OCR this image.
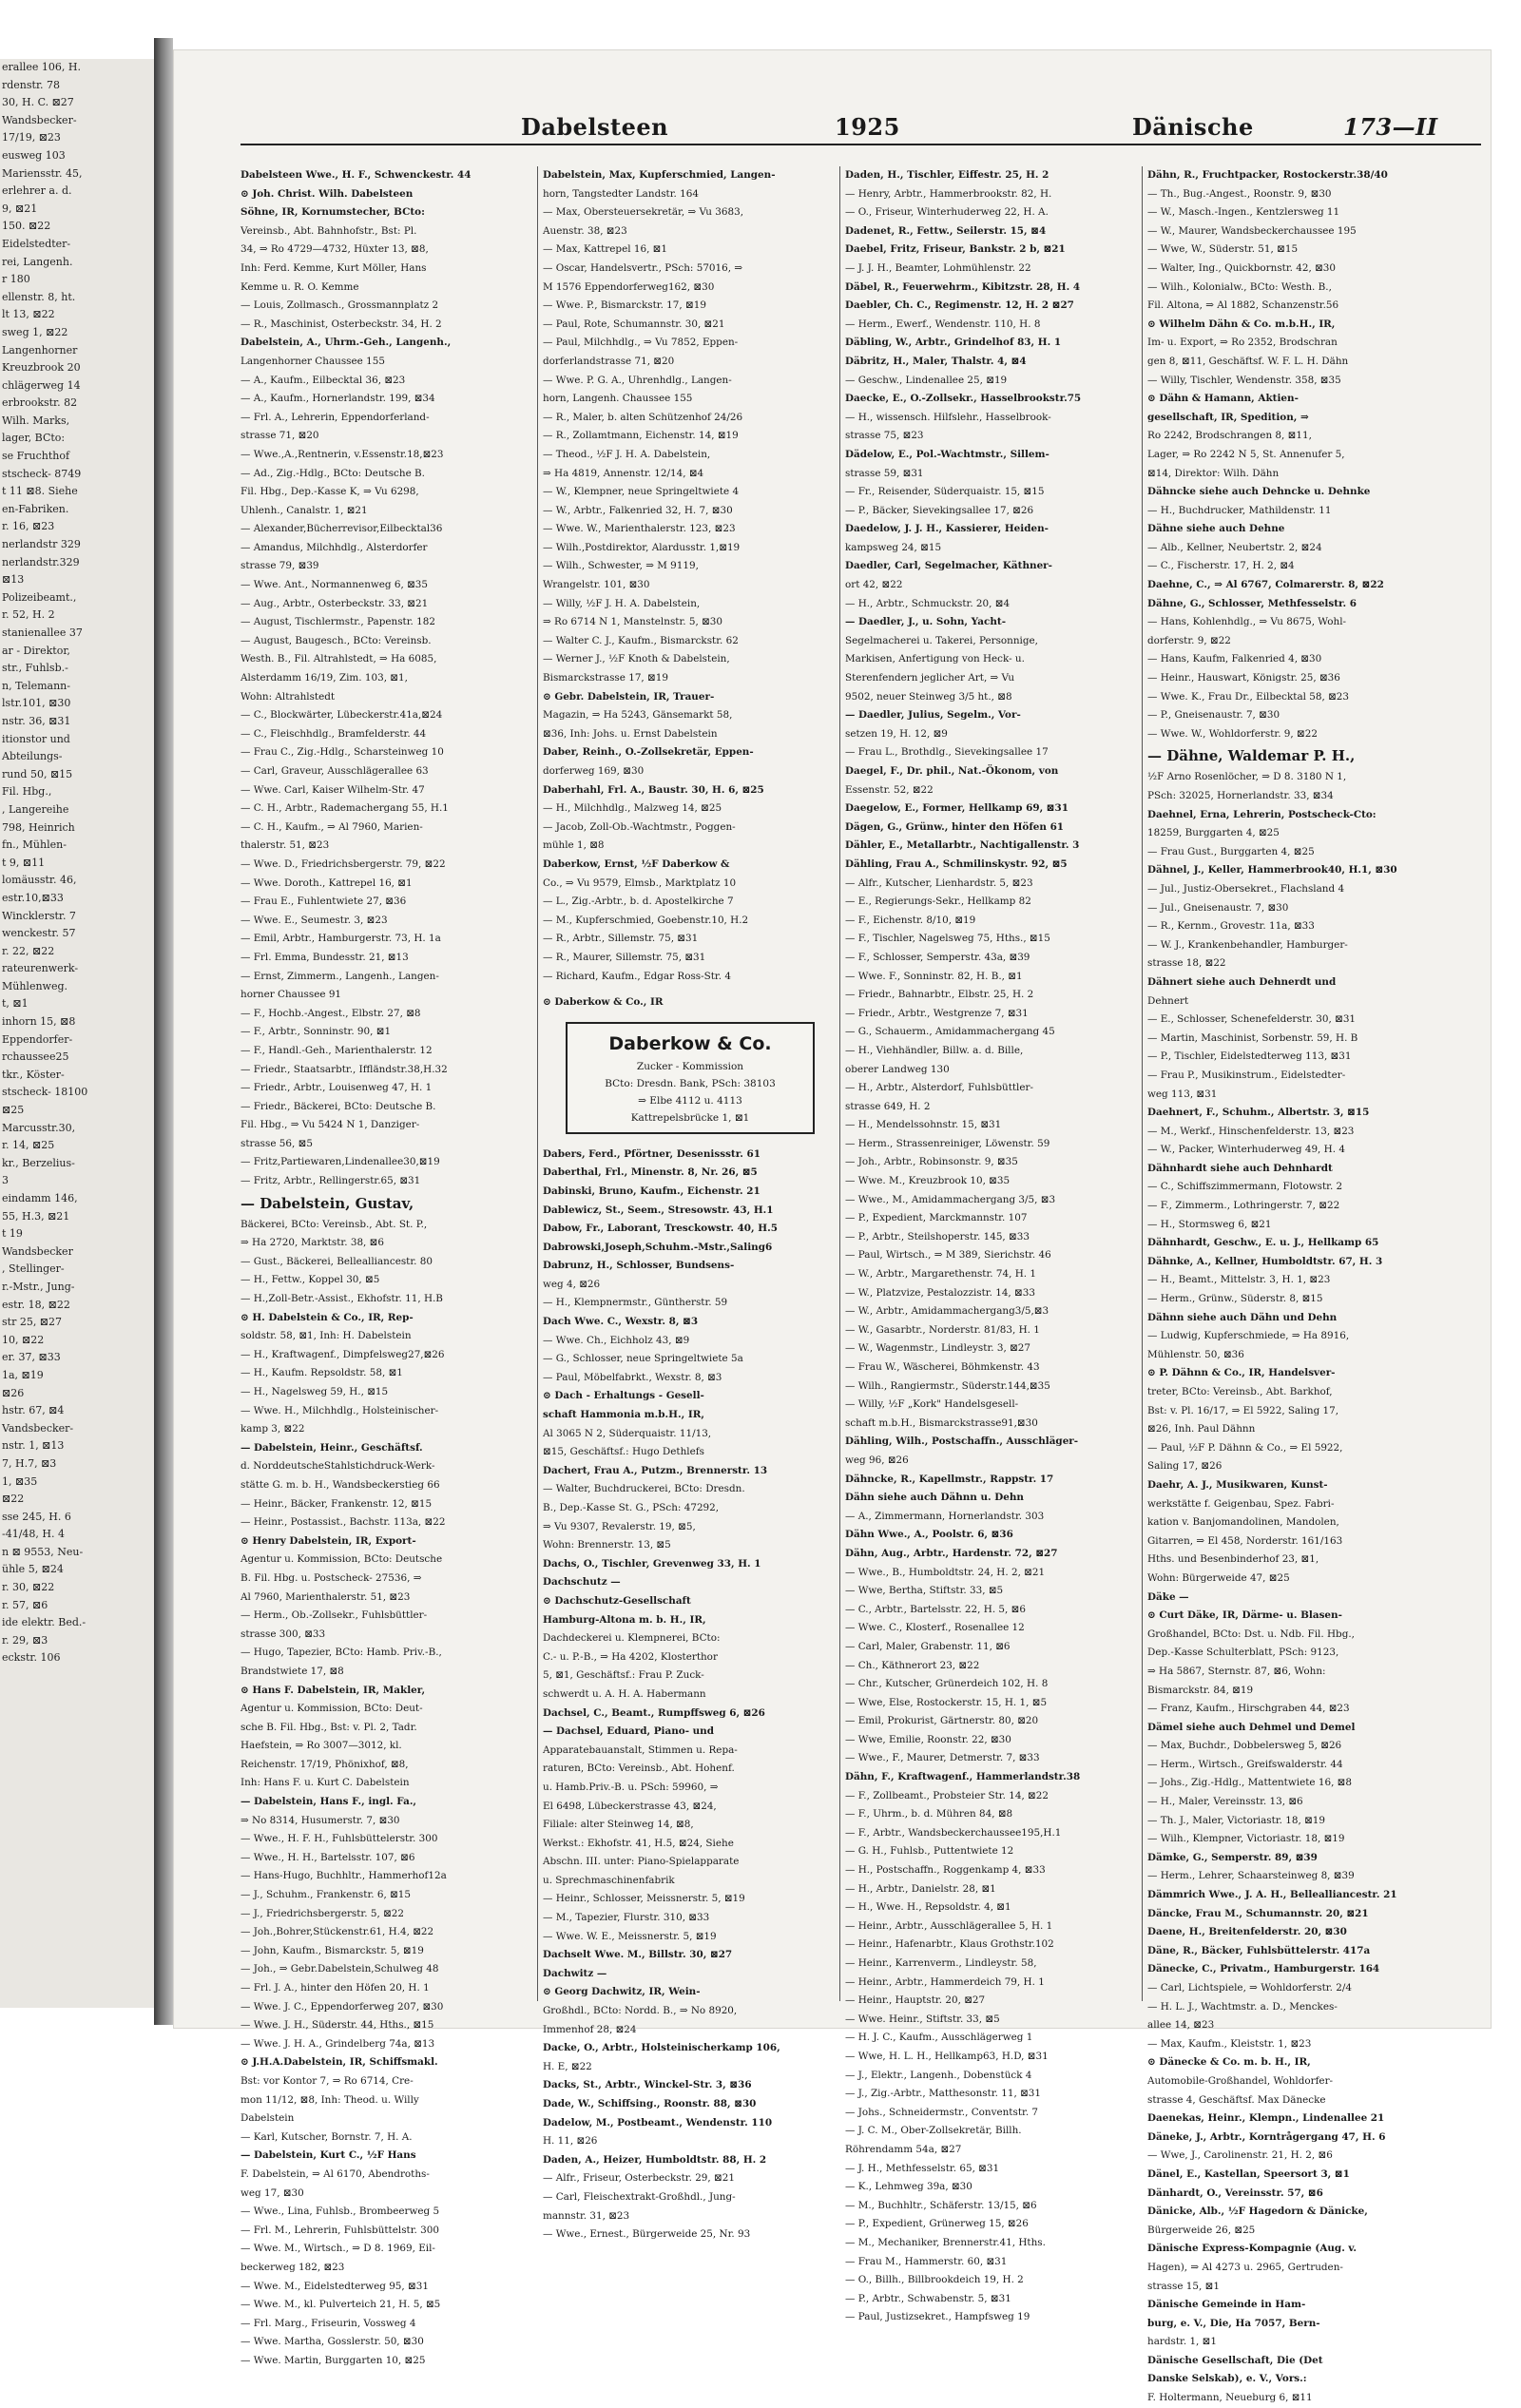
erallee 106, H.
rdenstr. 78
30, H. C. ⊠27
Wandsbecker-
17/19, ⊠23
eusweg 103
Mariensstr. 45,
erlehrer a. d.
9, ⊠21
150. ⊠22
Eidelstedter-
rei, Langenh.
r 180
ellenstr. 8, ht.
lt 13, ⊠22
sweg 1, ⊠22
Langenhorner
Kreuzbrook 20
chlägerweg 14
erbrookstr. 82
Wilh. Marks,
lager, BCto:
se Fruchthof
stscheck- 8749
t 11 ⊠8. Siehe
en-Fabriken.
r. 16, ⊠23
nerlandstr 329
nerlandstr.329
⊠13
Polizeibeamt.,
r. 52, H. 2
stanienallee 37
ar - Direktor,
str., Fuhlsb.-
n, Telemann-
lstr.101, ⊠30
nstr. 36, ⊠31
itionstor und
Abteilungs-
rund 50, ⊠15
Fil. Hbg.,
, Langereihe
798, Heinrich
fn., Mühlen-
t 9, ⊠11
lomäusstr. 46,
estr.10,⊠33
Wincklerstr. 7
wenckestr. 57
r. 22, ⊠22
rateurenwerk-
Mühlenweg.
t, ⊠1
inhorn 15, ⊠8
Eppendorfer-
rchaussee25
tkr., Köster-
stscheck- 18100
⊠25
Marcusstr.30,
r. 14, ⊠25
kr., Berzelius-
3
eindamm 146,
55, H.3, ⊠21
t 19
Wandsbecker
, Stellinger-
r.-Mstr., Jung-
estr. 18, ⊠22
str 25, ⊠27
10, ⊠22
er. 37, ⊠33
1a, ⊠19
⊠26
hstr. 67, ⊠4
Vandsbecker-
nstr. 1, ⊠13
7, H.7, ⊠3
1, ⊠35
⊠22
sse 245, H. 6
-41/48, H. 4
n ⊠ 9553, Neu-
ühle 5, ⊠24
r. 30, ⊠22
r. 57, ⊠6
ide elektr. Bed.-
r. 29, ⊠3
eckstr. 106
Dabelsteen	1925	Dänische	173—II
Dabelsteen Wwe., H. F., Schwenckestr. 44
⊙ Joh. Christ. Wilh. Dabelsteen
Söhne, IR, Kornumstecher, BCto:
Vereinsb., Abt. Bahnhofstr., Bst: Pl.
34, ⇒ Ro 4729—4732, Hüxter 13, ⊠8,
Inh: Ferd. Kemme, Kurt Möller, Hans
Kemme u. R. O. Kemme
— Louis, Zollmasch., Grossmannplatz 2
— R., Maschinist, Osterbeckstr. 34, H. 2
Dabelstein, A., Uhrm.-Geh., Langenh.,
Langenhorner Chaussee 155
— A., Kaufm., Eilbecktal 36, ⊠23
— A., Kaufm., Hornerlandstr. 199, ⊠34
— Frl. A., Lehrerin, Eppendorferland-
strasse 71, ⊠20
— Wwe.,A.,Rentnerin, v.Essenstr.18,⊠23
— Ad., Zig.-Hdlg., BCto: Deutsche B.
Fil. Hbg., Dep.-Kasse K, ⇒ Vu 6298,
Uhlenh., Canalstr. 1, ⊠21
— Alexander,Bücherrevisor,Eilbecktal36
— Amandus, Milchhdlg., Alsterdorfer
strasse 79, ⊠39
— Wwe. Ant., Normannenweg 6, ⊠35
— Aug., Arbtr., Osterbeckstr. 33, ⊠21
— August, Tischlermstr., Papenstr. 182
— August, Baugesch., BCto: Vereinsb.
Westh. B., Fil. Altrahlstedt, ⇒ Ha 6085,
Alsterdamm 16/19, Zim. 103, ⊠1,
Wohn: Altrahlstedt
— C., Blockwärter, Lübeckerstr.41a,⊠24
— C., Fleischhdlg., Bramfelderstr. 44
— Frau C., Zig.-Hdlg., Scharsteinweg 10
— Carl, Graveur, Ausschlägerallee 63
— Wwe. Carl, Kaiser Wilhelm-Str. 47
— C. H., Arbtr., Rademachergang 55, H.1
— C. H., Kaufm., ⇒ Al 7960, Marien-
thalerstr. 51, ⊠23
— Wwe. D., Friedrichsbergerstr. 79, ⊠22
— Wwe. Doroth., Kattrepel 16, ⊠1
— Frau E., Fuhlentwiete 27, ⊠36
— Wwe. E., Seumestr. 3, ⊠23
— Emil, Arbtr., Hamburgerstr. 73, H. 1a
— Frl. Emma, Bundesstr. 21, ⊠13
— Ernst, Zimmerm., Langenh., Langen-
horner Chaussee 91
— F., Hochb.-Angest., Elbstr. 27, ⊠8
— F., Arbtr., Sonninstr. 90, ⊠1
— F., Handl.-Geh., Marienthalerstr. 12
— Friedr., Staatsarbtr., Iffländstr.38,H.32
— Friedr., Arbtr., Louisenweg 47, H. 1
— Friedr., Bäckerei, BCto: Deutsche B.
Fil. Hbg., ⇒ Vu 5424 N 1, Danziger-
strasse 56, ⊠5
— Fritz,Partiewaren,Lindenallee30,⊠19
— Fritz, Arbtr., Rellingerstr.65, ⊠31
— Dabelstein, Gustav,
Bäckerei, BCto: Vereinsb., Abt. St. P.,
⇒ Ha 2720, Marktstr. 38, ⊠6
— Gust., Bäckerei, Bellealliancestr. 80
— H., Fettw., Koppel 30, ⊠5
— H.,Zoll-Betr.-Assist., Ekhofstr. 11, H.B
⊙ H. Dabelstein & Co., IR, Rep-
soldstr. 58, ⊠1, Inh: H. Dabelstein
— H., Kraftwagenf., Dimpfelsweg27,⊠26
— H., Kaufm. Repsoldstr. 58, ⊠1
— H., Nagelsweg 59, H., ⊠15
— Wwe. H., Milchhdlg., Holsteinischer-
kamp 3, ⊠22
— Dabelstein, Heinr., Geschäftsf.
d. NorddeutscheStahlstichdruck-Werk-
stätte G. m. b. H., Wandsbeckerstieg 66
— Heinr., Bäcker, Frankenstr. 12, ⊠15
— Heinr., Postassist., Bachstr. 113a, ⊠22
⊙ Henry Dabelstein, IR, Export-
Agentur u. Kommission, BCto: Deutsche
B. Fil. Hbg. u. Postscheck- 27536, ⇒
Al 7960, Marienthalerstr. 51, ⊠23
— Herm., Ob.-Zollsekr., Fuhlsbüttler-
strasse 300, ⊠33
— Hugo, Tapezier, BCto: Hamb. Priv.-B.,
Brandstwiete 17, ⊠8
⊙ Hans F. Dabelstein, IR, Makler,
Agentur u. Kommission, BCto: Deut-
sche B. Fil. Hbg., Bst: v. Pl. 2, Tadr.
Haefstein, ⇒ Ro 3007—3012, kl.
Reichenstr. 17/19, Phönixhof, ⊠8,
Inh: Hans F. u. Kurt C. Dabelstein
— Dabelstein, Hans F., ingl. Fa.,
⇒ No 8314, Husumerstr. 7, ⊠30
— Wwe., H. F. H., Fuhlsbüttelerstr. 300
— Wwe., H. H., Bartelsstr. 107, ⊠6
— Hans-Hugo, Buchhltr., Hammerhof12a
— J., Schuhm., Frankenstr. 6, ⊠15
— J., Friedrichsbergerstr. 5, ⊠22
— Joh.,Bohrer,Stückenstr.61, H.4, ⊠22
— John, Kaufm., Bismarckstr. 5, ⊠19
— Joh., ⇒ Gebr.Dabelstein,Schulweg 48
— Frl. J. A., hinter den Höfen 20, H. 1
— Wwe. J. C., Eppendorferweg 207, ⊠30
— Wwe. J. H., Süderstr. 44, Hths., ⊠15
— Wwe. J. H. A., Grindelberg 74a, ⊠13
⊙ J.H.A.Dabelstein, IR, Schiffsmakl.
Bst: vor Kontor 7, ⇒ Ro 6714, Cre-
mon 11/12, ⊠8, Inh: Theod. u. Willy
Dabelstein
— Karl, Kutscher, Bornstr. 7, H. A.
— Dabelstein, Kurt C., ½F Hans
F. Dabelstein, ⇒ Al 6170, Abendroths-
weg 17, ⊠30
— Wwe., Lina, Fuhlsb., Brombeerweg 5
— Frl. M., Lehrerin, Fuhlsbüttelstr. 300
— Wwe. M., Wirtsch., ⇒ D 8. 1969, Eil-
beckerweg 182, ⊠23
— Wwe. M., Eidelstedterweg 95, ⊠31
— Wwe. M., kl. Pulverteich 21, H. 5, ⊠5
— Frl. Marg., Friseurin, Vossweg 4
— Wwe. Martha, Gosslerstr. 50, ⊠30
— Wwe. Martin, Burggarten 10, ⊠25
Dabelstein, Max, Kupferschmied, Langen-
horn, Tangstedter Landstr. 164
— Max, Obersteuersekretär, ⇒ Vu 3683,
Auenstr. 38, ⊠23
— Max, Kattrepel 16, ⊠1
— Oscar, Handelsvertr., PSch: 57016, ⇒
M 1576 Eppendorferweg162, ⊠30
— Wwe. P., Bismarckstr. 17, ⊠19
— Paul, Rote, Schumannstr. 30, ⊠21
— Paul, Milchhdlg., ⇒ Vu 7852, Eppen-
dorferlandstrasse 71, ⊠20
— Wwe. P. G. A., Uhrenhdlg., Langen-
horn, Langenh. Chaussee 155
— R., Maler, b. alten Schützenhof 24/26
— R., Zollamtmann, Eichenstr. 14, ⊠19
— Theod., ½F J. H. A. Dabelstein,
⇒ Ha 4819, Annenstr. 12/14, ⊠4
— W., Klempner, neue Springeltwiete 4
— W., Arbtr., Falkenried 32, H. 7, ⊠30
— Wwe. W., Marienthalerstr. 123, ⊠23
— Wilh.,Postdirektor, Alardusstr. 1,⊠19
— Wilh., Schwester, ⇒ M 9119,
Wrangelstr. 101, ⊠30
— Willy, ½F J. H. A. Dabelstein,
⇒ Ro 6714 N 1, Manstelnstr. 5, ⊠30
— Walter C. J., Kaufm., Bismarckstr. 62
— Werner J., ½F Knoth & Dabelstein,
Bismarckstrasse 17, ⊠19
⊙ Gebr. Dabelstein, IR, Trauer-
Magazin, ⇒ Ha 5243, Gänsemarkt 58,
⊠36, Inh: Johs. u. Ernst Dabelstein
Daber, Reinh., O.-Zollsekretär, Eppen-
dorferweg 169, ⊠30
Daberhahl, Frl. A., Baustr. 30, H. 6, ⊠25
— H., Milchhdlg., Malzweg 14, ⊠25
— Jacob, Zoll-Ob.-Wachtmstr., Poggen-
mühle 1, ⊠8
Daberkow, Ernst, ½F Daberkow &
Co., ⇒ Vu 9579, Elmsb., Marktplatz 10
— L., Zig.-Arbtr., b. d. Apostelkirche 7
— M., Kupferschmied, Goebenstr.10, H.2
— R., Arbtr., Sillemstr. 75, ⊠31
— R., Maurer, Sillemstr. 75, ⊠31
— Richard, Kaufm., Edgar Ross-Str. 4
⊙ Daberkow & Co., IR
Daberkow & Co.
Zucker - Kommission
BCto: Dresdn. Bank, PSch: 38103
⇒ Elbe 4112 u. 4113
Kattrepelsbrücke 1, ⊠1
Dabers, Ferd., Pförtner, Desenissstr. 61
Daberthal, Frl., Minenstr. 8, Nr. 26, ⊠5
Dabinski, Bruno, Kaufm., Eichenstr. 21
Dablewicz, St., Seem., Stresowstr. 43, H.1
Dabow, Fr., Laborant, Tresckowstr. 40, H.5
Dabrowski,Joseph,Schuhm.-Mstr.,Saling6
Dabrunz, H., Schlosser, Bundsens-
weg 4, ⊠26
— H., Klempnermstr., Güntherstr. 59
Dach Wwe. C., Wexstr. 8, ⊠3
— Wwe. Ch., Eichholz 43, ⊠9
— G., Schlosser, neue Springeltwiete 5a
— Paul, Möbelfabrkt., Wexstr. 8, ⊠3
⊙ Dach - Erhaltungs - Gesell-
schaft Hammonia m.b.H., IR,
Al 3065 N 2, Süderquaistr. 11/13,
⊠15, Geschäftsf.: Hugo Dethlefs
Dachert, Frau A., Putzm., Brennerstr. 13
— Walter, Buchdruckerei, BCto: Dresdn.
B., Dep.-Kasse St. G., PSch: 47292,
⇒ Vu 9307, Revalerstr. 19, ⊠5,
Wohn: Brennerstr. 13, ⊠5
Dachs, O., Tischler, Grevenweg 33, H. 1
Dachschutz —
⊙ Dachschutz-Gesellschaft
Hamburg-Altona m. b. H., IR,
Dachdeckerei u. Klempnerei, BCto:
C.- u. P.-B., ⇒ Ha 4202, Klosterthor
5, ⊠1, Geschäftsf.: Frau P. Zuck-
schwerdt u. A. H. A. Habermann
Dachsel, C., Beamt., Rumpffsweg 6, ⊠26
— Dachsel, Eduard, Piano- und
Apparatebauanstalt, Stimmen u. Repa-
raturen, BCto: Vereinsb., Abt. Hohenf.
u. Hamb.Priv.-B. u. PSch: 59960, ⇒
El 6498, Lübeckerstrasse 43, ⊠24,
Filiale: alter Steinweg 14, ⊠8,
Werkst.: Ekhofstr. 41, H.5, ⊠24, Siehe
Abschn. III. unter: Piano-Spielapparate
u. Sprechmaschinenfabrik
— Heinr., Schlosser, Meissnerstr. 5, ⊠19
— M., Tapezier, Flurstr. 310, ⊠33
— Wwe. W. E., Meissnerstr. 5, ⊠19
Dachselt Wwe. M., Billstr. 30, ⊠27
Dachwitz —
⊙ Georg Dachwitz, IR, Wein-
Großhdl., BCto: Nordd. B., ⇒ No 8920,
Immenhof 28, ⊠24
Dacke, O., Arbtr., Holsteinischerkamp 106,
H. E, ⊠22
Dacks, St., Arbtr., Winckel-Str. 3, ⊠36
Dade, W., Schiffsing., Roonstr. 88, ⊠30
Dadelow, M., Postbeamt., Wendenstr. 110
H. 11, ⊠26
Daden, A., Heizer, Humboldtstr. 88, H. 2
— Alfr., Friseur, Osterbeckstr. 29, ⊠21
— Carl, Fleischextrakt-Großhdl., Jung-
mannstr. 31, ⊠23
— Wwe., Ernest., Bürgerweide 25, Nr. 93
Daden, H., Tischler, Eiffestr. 25, H. 2
— Henry, Arbtr., Hammerbrookstr. 82, H.
— O., Friseur, Winterhuderweg 22, H. A.
Dadenet, R., Fettw., Seilerstr. 15, ⊠4
Daebel, Fritz, Friseur, Bankstr. 2 b, ⊠21
— J. J. H., Beamter, Lohmühlenstr. 22
Däbel, R., Feuerwehrm., Kibitzstr. 28, H. 4
Daebler, Ch. C., Regimenstr. 12, H. 2 ⊠27
— Herm., Ewerf., Wendenstr. 110, H. 8
Däbling, W., Arbtr., Grindelhof 83, H. 1
Däbritz, H., Maler, Thalstr. 4, ⊠4
— Geschw., Lindenallee 25, ⊠19
Daecke, E., O.-Zollsekr., Hasselbrookstr.75
— H., wissensch. Hilfslehr., Hasselbrook-
strasse 75, ⊠23
Dädelow, E., Pol.-Wachtmstr., Sillem-
strasse 59, ⊠31
— Fr., Reisender, Süderquaistr. 15, ⊠15
— P., Bäcker, Sievekingsallee 17, ⊠26
Daedelow, J. J. H., Kassierer, Heiden-
kampsweg 24, ⊠15
Daedler, Carl, Segelmacher, Käthner-
ort 42, ⊠22
— H., Arbtr., Schmuckstr. 20, ⊠4
— Daedler, J., u. Sohn, Yacht-
Segelmacherei u. Takerei, Personnige,
Markisen, Anfertigung von Heck- u.
Sterenfendern jeglicher Art, ⇒ Vu
9502, neuer Steinweg 3/5 ht., ⊠8
— Daedler, Julius, Segelm., Vor-
setzen 19, H. 12, ⊠9
— Frau L., Brothdlg., Sievekingsallee 17
Daegel, F., Dr. phil., Nat.-Ökonom, von
Essenstr. 52, ⊠22
Daegelow, E., Former, Hellkamp 69, ⊠31
Dägen, G., Grünw., hinter den Höfen 61
Dähler, E., Metallarbtr., Nachtigallenstr. 3
Dähling, Frau A., Schmilinskystr. 92, ⊠5
— Alfr., Kutscher, Lienhardstr. 5, ⊠23
— E., Regierungs-Sekr., Hellkamp 82
— F., Eichenstr. 8/10, ⊠19
— F., Tischler, Nagelsweg 75, Hths., ⊠15
— F., Schlosser, Semperstr. 43a, ⊠39
— Wwe. F., Sonninstr. 82, H. B., ⊠1
— Friedr., Bahnarbtr., Elbstr. 25, H. 2
— Friedr., Arbtr., Westgrenze 7, ⊠31
— G., Schauerm., Amidammachergang 45
— H., Viehhändler, Billw. a. d. Bille,
oberer Landweg 130
— H., Arbtr., Alsterdorf, Fuhlsbüttler-
strasse 649, H. 2
— H., Mendelssohnstr. 15, ⊠31
— Herm., Strassenreiniger, Löwenstr. 59
— Joh., Arbtr., Robinsonstr. 9, ⊠35
— Wwe. M., Kreuzbrook 10, ⊠35
— Wwe., M., Amidammachergang 3/5, ⊠3
— P., Expedient, Marckmannstr. 107
— P., Arbtr., Steilshoperstr. 145, ⊠33
— Paul, Wirtsch., ⇒ M 389, Sierichstr. 46
— W., Arbtr., Margarethenstr. 74, H. 1
— W., Platzvize, Pestalozzistr. 14, ⊠33
— W., Arbtr., Amidammachergang3/5,⊠3
— W., Gasarbtr., Norderstr. 81/83, H. 1
— W., Wagenmstr., Lindleystr. 3, ⊠27
— Frau W., Wäscherei, Böhmkenstr. 43
— Wilh., Rangiermstr., Süderstr.144,⊠35
— Willy, ½F „Kork" Handelsgesell-
schaft m.b.H., Bismarckstrasse91,⊠30
Dähling, Wilh., Postschaffn., Ausschläger-
weg 96, ⊠26
Dähncke, R., Kapellmstr., Rappstr. 17
Dähn siehe auch Dähnn u. Dehn
— A., Zimmermann, Hornerlandstr. 303
Dähn Wwe., A., Poolstr. 6, ⊠36
Dähn, Aug., Arbtr., Hardenstr. 72, ⊠27
— Wwe., B., Humboldtstr. 24, H. 2, ⊠21
— Wwe, Bertha, Stiftstr. 33, ⊠5
— C., Arbtr., Bartelsstr. 22, H. 5, ⊠6
— Wwe. C., Klosterf., Rosenallee 12
— Carl, Maler, Grabenstr. 11, ⊠6
— Ch., Käthnerort 23, ⊠22
— Chr., Kutscher, Grünerdeich 102, H. 8
— Wwe, Else, Rostockerstr. 15, H. 1, ⊠5
— Emil, Prokurist, Gärtnerstr. 80, ⊠20
— Wwe, Emilie, Roonstr. 22, ⊠30
— Wwe., F., Maurer, Detmerstr. 7, ⊠33
Dähn, F., Kraftwagenf., Hammerlandstr.38
— F., Zollbeamt., Probsteier Str. 14, ⊠22
— F., Uhrm., b. d. Mühren 84, ⊠8
— F., Arbtr., Wandsbeckerchaussee195,H.1
— G. H., Fuhlsb., Puttentwiete 12
— H., Postschaffn., Roggenkamp 4, ⊠33
— H., Arbtr., Danielstr. 28, ⊠1
— H., Wwe. H., Repsoldstr. 4, ⊠1
— Heinr., Arbtr., Ausschlägerallee 5, H. 1
— Heinr., Hafenarbtr., Klaus Grothstr.102
— Heinr., Karrenverm., Lindleystr. 58,
— Heinr., Arbtr., Hammerdeich 79, H. 1
— Heinr., Hauptstr. 20, ⊠27
— Wwe. Heinr., Stiftstr. 33, ⊠5
— H. J. C., Kaufm., Ausschlägerweg 1
— Wwe, H. L. H., Hellkamp63, H.D, ⊠31
— J., Elektr., Langenh., Dobenstück 4
— J., Zig.-Arbtr., Matthesonstr. 11, ⊠31
— Johs., Schneidermstr., Conventstr. 7
— J. C. M., Ober-Zollsekretär, Billh.
Röhrendamm 54a, ⊠27
— J. H., Methfesselstr. 65, ⊠31
— K., Lehmweg 39a, ⊠30
— M., Buchhltr., Schäferstr. 13/15, ⊠6
— P., Expedient, Grünerweg 15, ⊠26
— M., Mechaniker, Brennerstr.41, Hths.
— Frau M., Hammerstr. 60, ⊠31
— O., Billh., Billbrookdeich 19, H. 2
— P., Arbtr., Schwabenstr. 5, ⊠31
— Paul, Justizsekret., Hampfsweg 19
Dähn, R., Fruchtpacker, Rostockerstr.38/40
— Th., Bug.-Angest., Roonstr. 9, ⊠30
— W., Masch.-Ingen., Kentzlersweg 11
— W., Maurer, Wandsbeckerchaussee 195
— Wwe, W., Süderstr. 51, ⊠15
— Walter, Ing., Quickbornstr. 42, ⊠30
— Wilh., Kolonialw., BCto: Westh. B.,
Fil. Altona, ⇒ Al 1882, Schanzenstr.56
⊙ Wilhelm Dähn & Co. m.b.H., IR,
Im- u. Export, ⇒ Ro 2352, Brodschran
gen 8, ⊠11, Geschäftsf. W. F. L. H. Dähn
— Willy, Tischler, Wendenstr. 358, ⊠35
⊙ Dähn & Hamann, Aktien-
gesellschaft, IR, Spedition, ⇒
Ro 2242, Brodschrangen 8, ⊠11,
Lager, ⇒ Ro 2242 N 5, St. Annenufer 5,
⊠14, Direktor: Wilh. Dähn
Dähncke siehe auch Dehncke u. Dehnke
— H., Buchdrucker, Mathildenstr. 11
Dähne siehe auch Dehne
— Alb., Kellner, Neubertstr. 2, ⊠24
— C., Fischerstr. 17, H. 2, ⊠4
Daehne, C., ⇒ Al 6767, Colmarerstr. 8, ⊠22
Dähne, G., Schlosser, Methfesselstr. 6
— Hans, Kohlenhdlg., ⇒ Vu 8675, Wohl-
dorferstr. 9, ⊠22
— Hans, Kaufm, Falkenried 4, ⊠30
— Heinr., Hauswart, Königstr. 25, ⊠36
— Wwe. K., Frau Dr., Eilbecktal 58, ⊠23
— P., Gneisenaustr. 7, ⊠30
— Wwe. W., Wohldorferstr. 9, ⊠22
— Dähne, Waldemar P. H.,
½F Arno Rosenlöcher, ⇒ D 8. 3180 N 1,
PSch: 32025, Hornerlandstr. 33, ⊠34
Daehnel, Erna, Lehrerin, Postscheck-Cto:
18259, Burggarten 4, ⊠25
— Frau Gust., Burggarten 4, ⊠25
Dähnel, J., Keller, Hammerbrook40, H.1, ⊠30
— Jul., Justiz-Obersekret., Flachsland 4
— Jul., Gneisenaustr. 7, ⊠30
— R., Kernm., Grovestr. 11a, ⊠33
— W. J., Krankenbehandler, Hamburger-
strasse 18, ⊠22
Dähnert siehe auch Dehnerdt und
Dehnert
— E., Schlosser, Schenefelderstr. 30, ⊠31
— Martin, Maschinist, Sorbenstr. 59, H. B
— P., Tischler, Eidelstedterweg 113, ⊠31
— Frau P., Musikinstrum., Eidelstedter-
weg 113, ⊠31
Daehnert, F., Schuhm., Albertstr. 3, ⊠15
— M., Werkf., Hinschenfelderstr. 13, ⊠23
— W., Packer, Winterhuderweg 49, H. 4
Dähnhardt siehe auch Dehnhardt
— C., Schiffszimmermann, Flotowstr. 2
— F., Zimmerm., Lothringerstr. 7, ⊠22
— H., Stormsweg 6, ⊠21
Dähnhardt, Geschw., E. u. J., Hellkamp 65
Dähnke, A., Kellner, Humboldtstr. 67, H. 3
— H., Beamt., Mittelstr. 3, H. 1, ⊠23
— Herm., Grünw., Süderstr. 8, ⊠15
Dähnn siehe auch Dähn und Dehn
— Ludwig, Kupferschmiede, ⇒ Ha 8916,
Mühlenstr. 50, ⊠36
⊙ P. Dähnn & Co., IR, Handelsver-
treter, BCto: Vereinsb., Abt. Barkhof,
Bst: v. Pl. 16/17, ⇒ El 5922, Saling 17,
⊠26, Inh. Paul Dähnn
— Paul, ½F P. Dähnn & Co., ⇒ El 5922,
Saling 17, ⊠26
Daehr, A. J., Musikwaren, Kunst-
werkstätte f. Geigenbau, Spez. Fabri-
kation v. Banjomandolinen, Mandolen,
Gitarren, ⇒ El 458, Norderstr. 161/163
Hths. und Besenbinderhof 23, ⊠1,
Wohn: Bürgerweide 47, ⊠25
Däke —
⊙ Curt Däke, IR, Därme- u. Blasen-
Großhandel, BCto: Dst. u. Ndb. Fil. Hbg.,
Dep.-Kasse Schulterblatt, PSch: 9123,
⇒ Ha 5867, Sternstr. 87, ⊠6, Wohn:
Bismarckstr. 84, ⊠19
— Franz, Kaufm., Hirschgraben 44, ⊠23
Dämel siehe auch Dehmel und Demel
— Max, Buchdr., Dobbelersweg 5, ⊠26
— Herm., Wirtsch., Greifswalderstr. 44
— Johs., Zig.-Hdlg., Mattentwiete 16, ⊠8
— H., Maler, Vereinsstr. 13, ⊠6
— Th. J., Maler, Victoriastr. 18, ⊠19
— Wilh., Klempner, Victoriastr. 18, ⊠19
Dämke, G., Semperstr. 89, ⊠39
— Herm., Lehrer, Schaarsteinweg 8, ⊠39
Dämmrich Wwe., J. A. H., Bellealliancestr. 21
Däncke, Frau M., Schumannstr. 20, ⊠21
Daene, H., Breitenfelderstr. 20, ⊠30
Däne, R., Bäcker, Fuhlsbüttelerstr. 417a
Dänecke, C., Privatm., Hamburgerstr. 164
— Carl, Lichtspiele, ⇒ Wohldorferstr. 2/4
— H. L. J., Wachtmstr. a. D., Menckes-
allee 14, ⊠23
— Max, Kaufm., Kleiststr. 1, ⊠23
⊙ Dänecke & Co. m. b. H., IR,
Automobile-Großhandel, Wohldorfer-
strasse 4, Geschäftsf. Max Dänecke
Daenekas, Heinr., Klempn., Lindenallee 21
Däneke, J., Arbtr., Korntrågergang 47, H. 6
— Wwe, J., Carolinenstr. 21, H. 2, ⊠6
Dänel, E., Kastellan, Speersort 3, ⊠1
Dänhardt, O., Vereinsstr. 57, ⊠6
Dänicke, Alb., ½F Hagedorn & Dänicke,
Bürgerweide 26, ⊠25
Dänische Express-Kompagnie (Aug. v.
Hagen), ⇒ Al 4273 u. 2965, Gertruden-
strasse 15, ⊠1
Dänische Gemeinde in Ham-
burg, e. V., Die, Ha 7057, Bern-
hardstr. 1, ⊠1
Dänische Gesellschaft, Die (Det
Danske Selskab), e. V., Vors.:
F. Holtermann, Neueburg 6, ⊠11
